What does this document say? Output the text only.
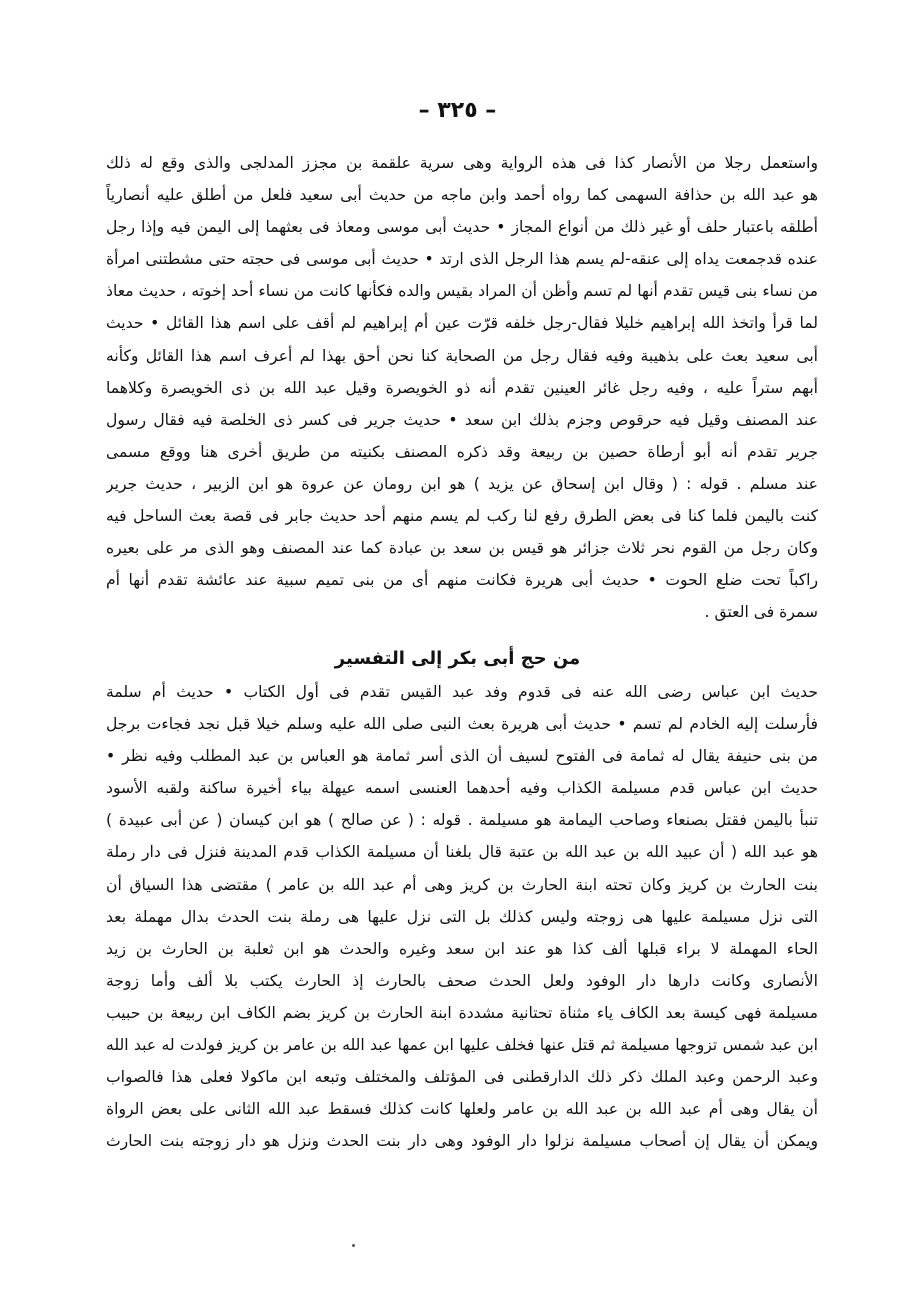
– ٣٢٥ –
واستعمل رجلا من الأنصار كذا فى هذه الرواية وهى سرية علقمة بن مجزز المدلجى والذى وقع له ذلك
هو عبد الله بن حذافة السهمى كما رواه أحمد وابن ماجه من حديث أبى سعيد فلعل من أطلق عليه أنصارياً
أطلقه باعتبار حلف أو غير ذلك من أنواع المجاز • حديث أبى موسى ومعاذ فى بعثهما إلى اليمن فيه وإذا رجل
عنده قدجمعت يداه إلى عنقه-لم يسم هذا الرجل الذى ارتد • حديث أبى موسى فى حجته حتى مشطتنى امرأة
من نساء بنى قيس تقدم أنها لم تسم وأظن أن المراد بقيس والده فكأنها كانت من نساء أحد إخوته ، حديث معاذ
لما قرأ واتخذ الله إبراهيم خليلا فقال-رجل خلفه قرّت عين أم إبراهيم لم أقف على اسم هذا القائل • حديث
أبى سعيد بعث على بذهيبة وفيه فقال رجل من الصحابة كنا نحن أحق بهذا لم أعرف اسم هذا القائل وكأنه
أبهم ستراً عليه ، وفيه رجل غائر العينين تقدم أنه ذو الخويصرة وقيل عبد الله بن ذى الخويصرة وكلاهما
عند المصنف وقيل فيه حرقوص وجزم بذلك ابن سعد • حديث جرير فى كسر ذى الخلصة فيه فقال رسول
جرير تقدم أنه أبو أرطاة حصين بن ربيعة وقد ذكره المصنف بكنيته من طريق أخرى هنا ووقع مسمى
عند مسلم . قوله : ( وقال ابن إسحاق عن يزيد ) هو ابن رومان عن عروة هو ابن الزبير ، حديث جرير
كنت باليمن فلما كنا فى بعض الطرق رفع لنا ركب لم يسم منهم أحد حديث جابر فى قصة بعث الساحل فيه
وكان رجل من القوم نحر ثلاث جزائر هو قيس بن سعد بن عبادة كما عند المصنف وهو الذى مر على بعيره
راكباً تحت ضلع الحوت • حديث أبى هريرة فكانت منهم أى من بنى تميم سبية عند عائشة تقدم أنها أم
سمرة فى العتق .
من حج أبى بكر إلى التفسير
حديث ابن عباس رضى الله عنه فى قدوم وفد عبد القيس تقدم فى أول الكتاب • حديث أم سلمة
فأرسلت إليه الخادم لم تسم • حديث أبى هريرة بعث النبى صلى الله عليه وسلم خيلا قبل نجد فجاءت برجل
من بنى حنيفة يقال له ثمامة فى الفتوح لسيف أن الذى أسر ثمامة هو العباس بن عبد المطلب وفيه نظر •
حديث ابن عباس قدم مسيلمة الكذاب وفيه أحدهما العنسى اسمه عيهلة بياء أخيرة ساكنة ولقبه الأسود
تنبأ باليمن فقتل بصنعاء وصاحب اليمامة هو مسيلمة . قوله : ( عن صالح ) هو ابن كيسان ( عن أبى عبيدة )
هو عبد الله ( أن عبيد الله بن عبد الله بن عتبة قال بلغنا أن مسيلمة الكذاب قدم المدينة فنزل فى دار رملة
بنت الحارث بن كريز وكان تحته ابنة الحارث بن كريز وهى أم عبد الله بن عامر ) مقتضى هذا السياق أن
التى نزل مسيلمة عليها هى زوجته وليس كذلك بل التى نزل عليها هى رملة بنت الحدث بدال مهملة بعد
الحاء المهملة لا براء قبلها ألف كذا هو عند ابن سعد وغيره والحدث هو ابن ثعلبة بن الحارث بن زيد
الأنصارى وكانت دارها دار الوفود ولعل الحدث صحف بالحارث إذ الحارث يكتب بلا ألف وأما زوجة
مسيلمة فهى كيسة بعد الكاف ياء مثناة تحتانية مشددة ابنة الحارث بن كريز بضم الكاف ابن ربيعة بن حبيب
ابن عبد شمس تزوجها مسيلمة ثم قتل عنها فخلف عليها ابن عمها عبد الله بن عامر بن كريز فولدت له عبد الله
وعبد الرحمن وعبد الملك ذكر ذلك الدارقطنى فى المؤتلف والمختلف وتبعه ابن ماكولا فعلى هذا فالصواب
أن يقال وهى أم عبد الله بن عبد الله بن عامر ولعلها كانت كذلك فسقط عبد الله الثانى على بعض الرواة
ويمكن أن يقال إن أصحاب مسيلمة نزلوا دار الوفود وهى دار بنت الحدث ونزل هو دار زوجته بنت الحارث
